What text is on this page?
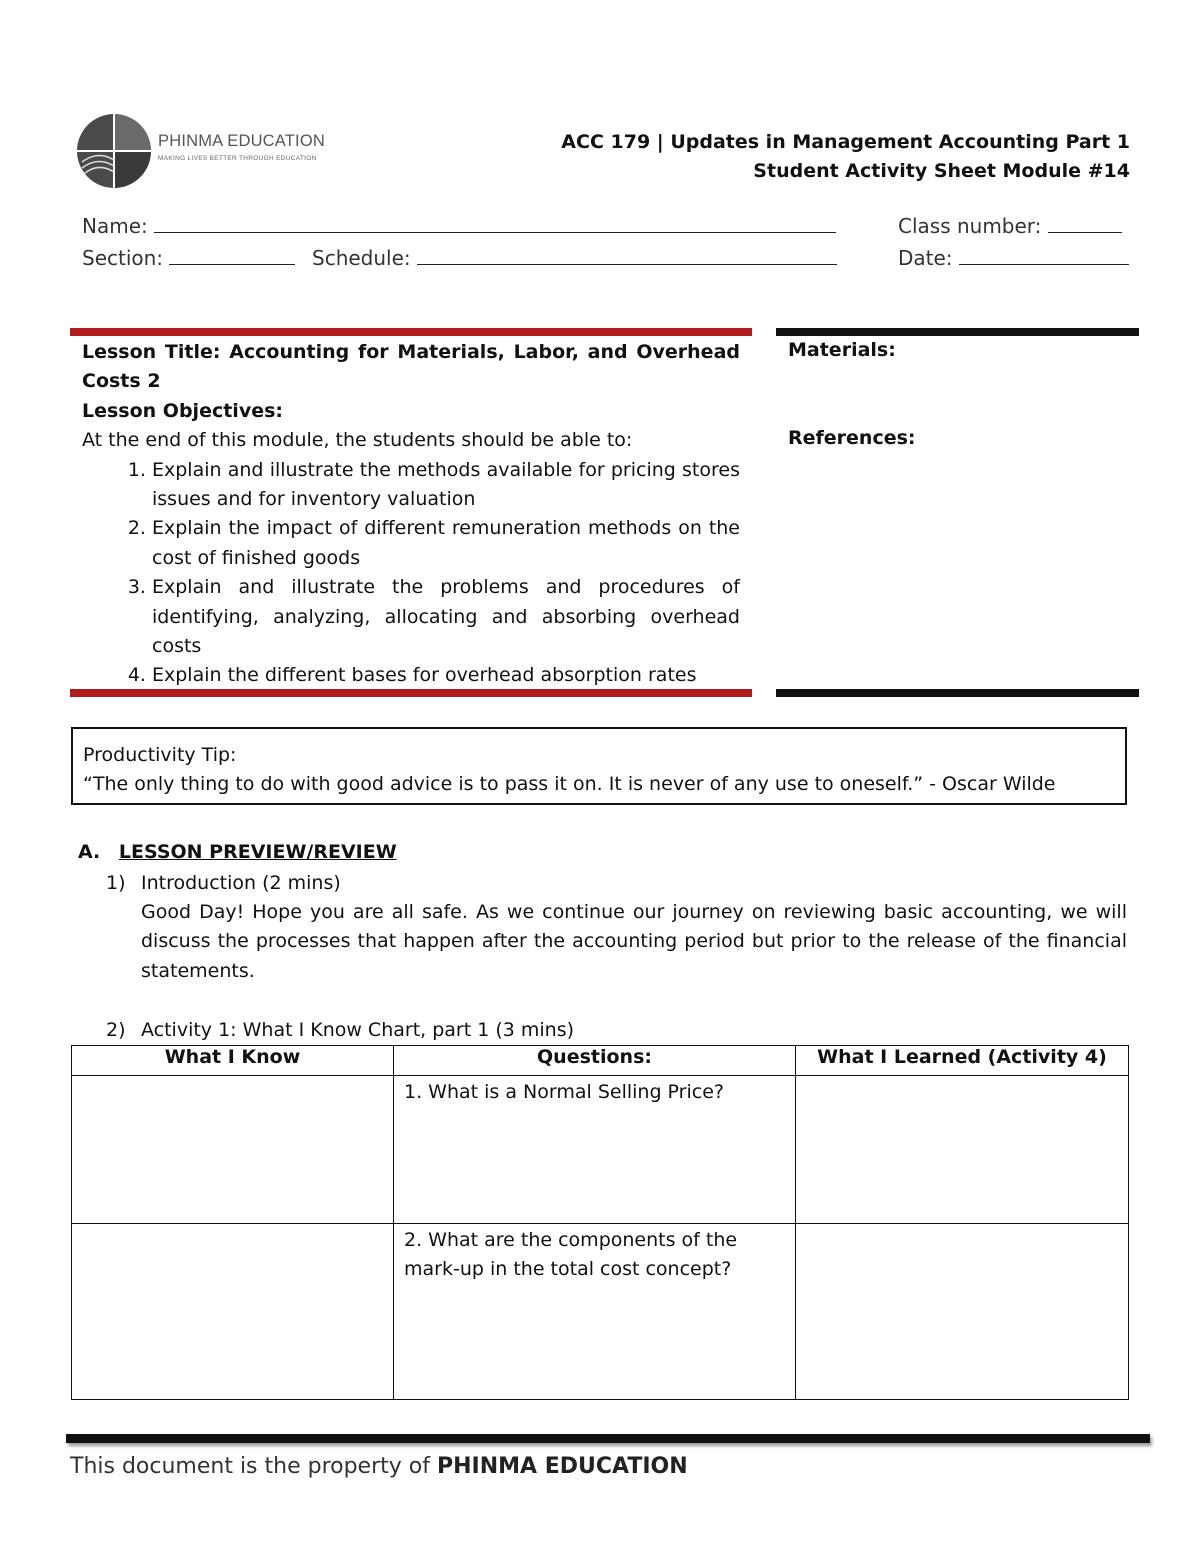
PHINMA EDUCATION
MAKING LIVES BETTER THROUGH EDUCATION
ACC 179 | Updates in Management Accounting Part 1
Student Activity Sheet Module #14
Name:	Class number:
Section:	Schedule:	Date:
Lesson Title: Accounting for Materials, Labor, and Overhead Costs 2
Lesson Objectives:
At the end of this module, the students should be able to:
1. Explain and illustrate the methods available for pricing stores issues and for inventory valuation
2. Explain the impact of different remuneration methods on the cost of finished goods
3. Explain and illustrate the problems and procedures of identifying, analyzing, allocating and absorbing overhead costs
4. Explain the different bases for overhead absorption rates
Materials:
References:
Productivity Tip:
“The only thing to do with good advice is to pass it on. It is never of any use to oneself.” - Oscar Wilde
A. LESSON PREVIEW/REVIEW
1) Introduction (2 mins)
Good Day! Hope you are all safe. As we continue our journey on reviewing basic accounting, we will discuss the processes that happen after the accounting period but prior to the release of the financial statements.
2) Activity 1: What I Know Chart, part 1 (3 mins)
What I Know	Questions:	What I Learned (Activity 4)
	1. What is a Normal Selling Price?	
	2. What are the components of the mark-up in the total cost concept?	
This document is the property of PHINMA EDUCATION
